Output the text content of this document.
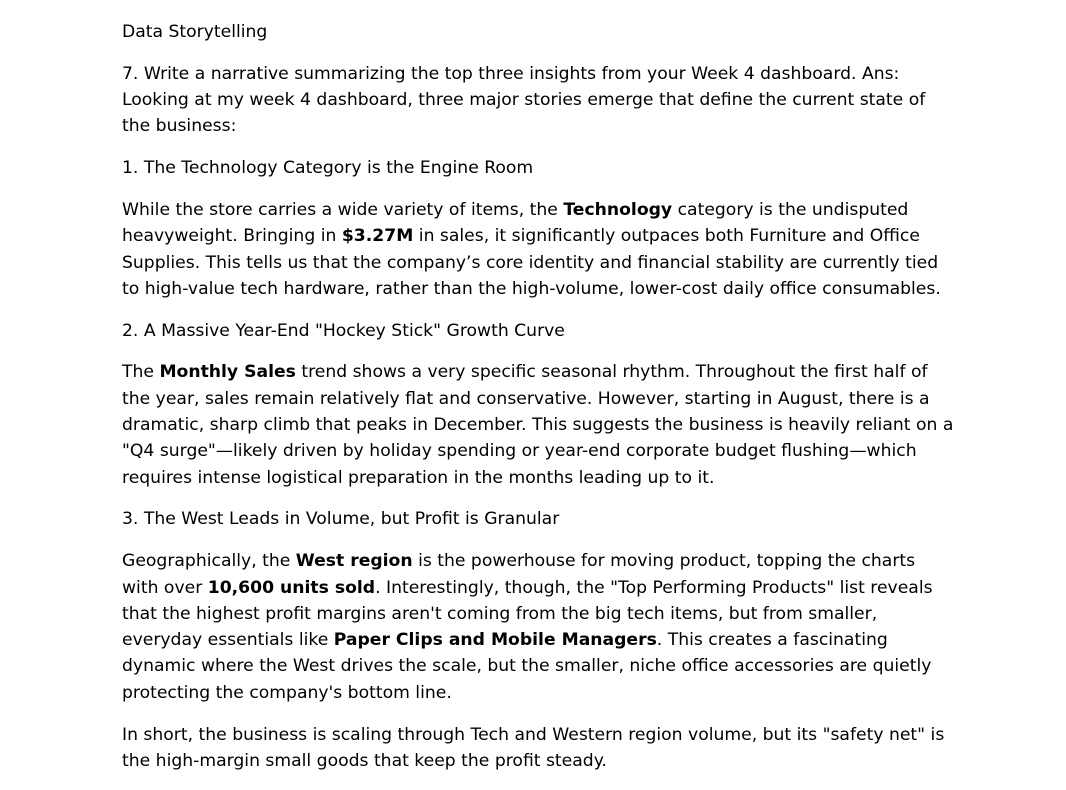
Data Storytelling
7. Write a narrative summarizing the top three insights from your Week 4 dashboard. Ans: Looking at my week 4 dashboard, three major stories emerge that define the current state of the business:
1. The Technology Category is the Engine Room
While the store carries a wide variety of items, the Technology category is the undisputed heavyweight. Bringing in $3.27M in sales, it significantly outpaces both Furniture and Office Supplies. This tells us that the company’s core identity and financial stability are currently tied to high-value tech hardware, rather than the high-volume, lower-cost daily office consumables.
2. A Massive Year-End "Hockey Stick" Growth Curve
The Monthly Sales trend shows a very specific seasonal rhythm. Throughout the first half of the year, sales remain relatively flat and conservative. However, starting in August, there is a dramatic, sharp climb that peaks in December. This suggests the business is heavily reliant on a "Q4 surge"—likely driven by holiday spending or year-end corporate budget flushing—which requires intense logistical preparation in the months leading up to it.
3. The West Leads in Volume, but Profit is Granular
Geographically, the West region is the powerhouse for moving product, topping the charts with over 10,600 units sold. Interestingly, though, the "Top Performing Products" list reveals that the highest profit margins aren't coming from the big tech items, but from smaller, everyday essentials like Paper Clips and Mobile Managers. This creates a fascinating dynamic where the West drives the scale, but the smaller, niche office accessories are quietly protecting the company's bottom line.
In short, the business is scaling through Tech and Western region volume, but its "safety net" is the high-margin small goods that keep the profit steady.
